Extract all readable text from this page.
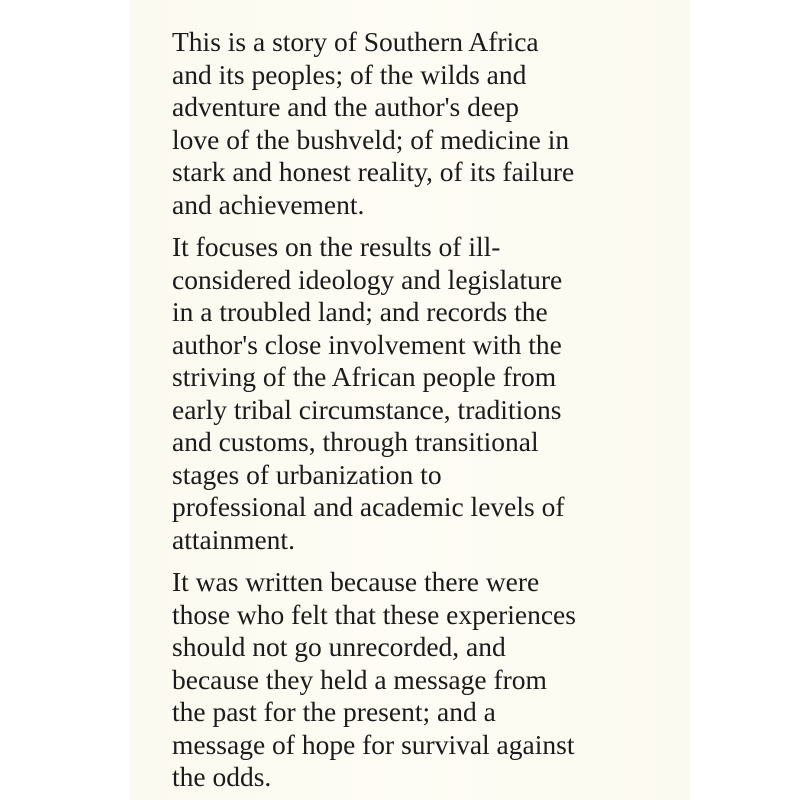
This is a story of Southern Africa
and its peoples; of the wilds and
adventure and the author's deep
love of the bushveld; of medicine in
stark and honest reality, of its failure
and achievement.
It focuses on the results of ill-
considered ideology and legislature
in a troubled land; and records the
author's close involvement with the
striving of the African people from
early tribal circumstance, traditions
and customs, through transitional
stages of urbanization to
professional and academic levels of
attainment.
It was written because there were
those who felt that these experiences
should not go unrecorded, and
because they held a message from
the past for the present; and a
message of hope for survival against
the odds.
